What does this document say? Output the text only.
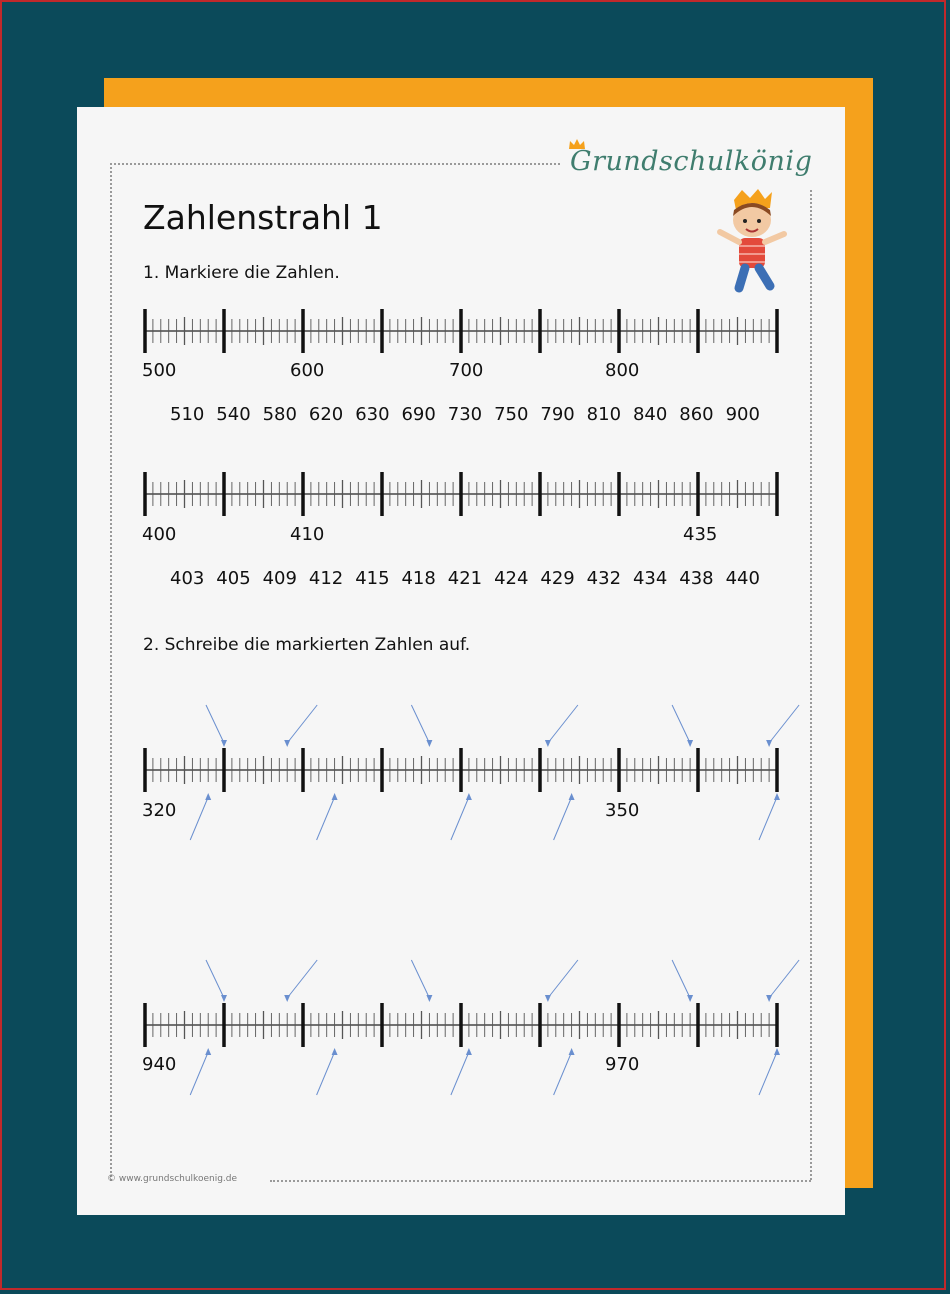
Grundschulkönig
Zahlenstrahl 1
1. Markiere die Zahlen.
2. Schreibe die markierten Zahlen auf.
500	600	700	800
510 540 580 620 630 690 730 750 790 810 840 860 900
400	410	435
403 405 409 412 415 418 421 424 429 432 434 438 440
320	350
940	970
© www.grundschulkoenig.de
